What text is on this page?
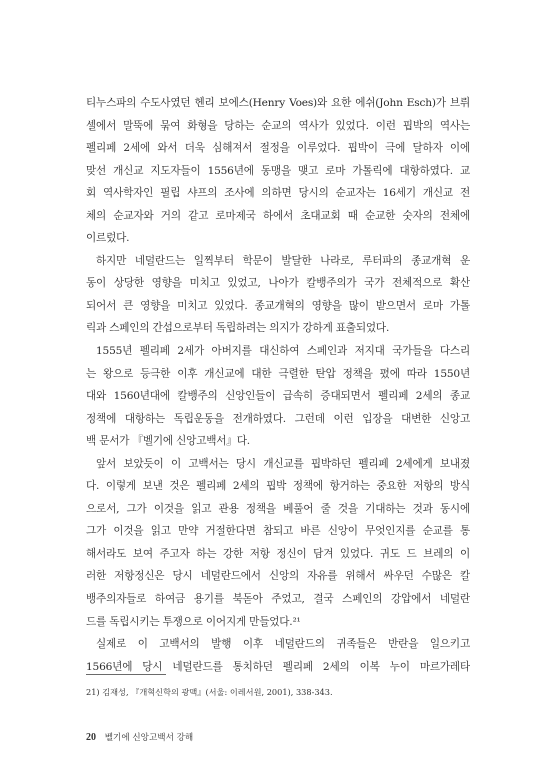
티누스파의 수도사였던 헨리 보에스(Henry Voes)와 요한 에쉬(John Esch)가 브뤼
셀에서 말뚝에 묶여 화형을 당하는 순교의 역사가 있었다. 이런 핍박의 역사는
펠리페 2세에 와서 더욱 심해져서 절정을 이루었다. 핍박이 극에 달하자 이에
맞선 개신교 지도자들이 1556년에 동맹을 맺고 로마 가톨릭에 대항하였다. 교
회 역사학자인 필립 샤프의 조사에 의하면 당시의 순교자는 16세기 개신교 전
체의 순교자와 거의 같고 로마제국 하에서 초대교회 때 순교한 숫자의 전체에
이르렀다.
하지만 네덜란드는 일찍부터 학문이 발달한 나라로, 루터파의 종교개혁 운
동이 상당한 영향을 미치고 있었고, 나아가 칼뱅주의가 국가 전체적으로 확산
되어서 큰 영향을 미치고 있었다. 종교개혁의 영향을 많이 받으면서 로마 가톨
릭과 스페인의 간섭으로부터 독립하려는 의지가 강하게 표출되었다.
1555년 펠리페 2세가 아버지를 대신하여 스페인과 저지대 국가들을 다스리
는 왕으로 등극한 이후 개신교에 대한 극렬한 탄압 정책을 폈에 따라 1550년
대와 1560년대에 칼뱅주의 신앙인들이 급속히 증대되면서 펠리페 2세의 종교
정책에 대항하는 독립운동을 전개하였다. 그런데 이런 입장을 대변한 신앙고
백 문서가 『벨기에 신앙고백서』다.
앞서 보았듯이 이 고백서는 당시 개신교를 핍박하던 펠리페 2세에게 보내졌
다. 이렇게 보낸 것은 펠리페 2세의 핍박 정책에 항거하는 중요한 저항의 방식
으로서, 그가 이것을 읽고 관용 정책을 베풀어 줄 것을 기대하는 것과 동시에
그가 이것을 읽고 만약 거절한다면 참되고 바른 신앙이 무엇인지를 순교를 통
해서라도 보여 주고자 하는 강한 저항 정신이 담겨 있었다. 귀도 드 브레의 이
러한 저항정신은 당시 네덜란드에서 신앙의 자유를 위해서 싸우던 수많은 칼
뱅주의자들로 하여금 용기를 북돋아 주었고, 결국 스페인의 강압에서 네덜란
드를 독립시키는 투쟁으로 이어지게 만들었다.²¹
실제로 이 고백서의 발행 이후 네덜란드의 귀족들은 반란을 일으키고
1566년에 당시 네덜란드를 통치하던 펠리페 2세의 이복 누이 마르가레타
21) 김재성, 『개혁신학의 광맥』(서울: 이레서원, 2001), 338-343.
20 벨기에 신앙고백서 강해
